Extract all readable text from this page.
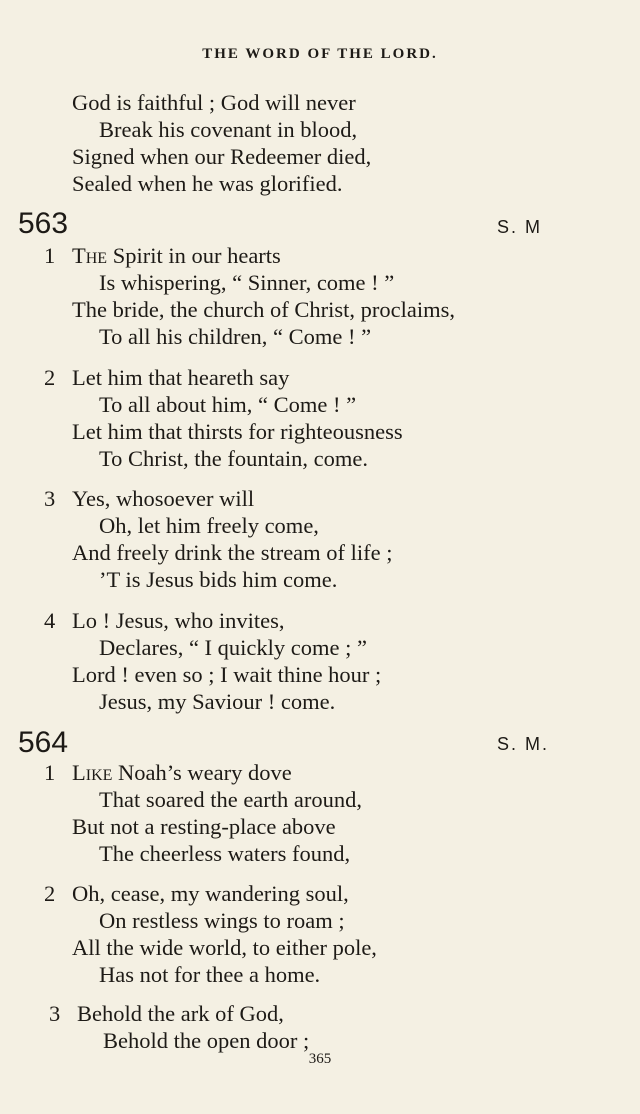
THE WORD OF THE LORD.
God is faithful ; God will never
Break his covenant in blood,
Signed when our Redeemer died,
Sealed when he was glorified.
563	S. M
1 The Spirit in our hearts
Is whispering, “ Sinner, come ! ”
The bride, the church of Christ, proclaims,
To all his children, “ Come ! ”
2 Let him that heareth say
To all about him, “ Come ! ”
Let him that thirsts for righteousness
To Christ, the fountain, come.
3 Yes, whosoever will
Oh, let him freely come,
And freely drink the stream of life ;
’T is Jesus bids him come.
4 Lo ! Jesus, who invites,
Declares, “ I quickly come ; ”
Lord ! even so ; I wait thine hour ;
Jesus, my Saviour ! come.
564	S. M.
1 Like Noah’s weary dove
That soared the earth around,
But not a resting-place above
The cheerless waters found,
2 Oh, cease, my wandering soul,
On restless wings to roam ;
All the wide world, to either pole,
Has not for thee a home.
3 Behold the ark of God,
Behold the open door ;
365
